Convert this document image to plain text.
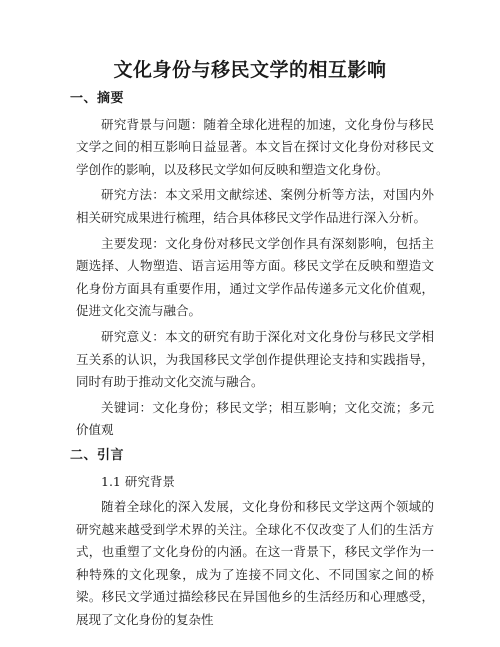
文化身份与移民文学的相互影响
一、摘要

研究背景与问题：随着全球化进程的加速，文化身份与移民文学之间的相互影响日益显著。本文旨在探讨文化身份对移民文学创作的影响，以及移民文学如何反映和塑造文化身份。

研究方法：本文采用文献综述、案例分析等方法，对国内外相关研究成果进行梳理，结合具体移民文学作品进行深入分析。

主要发现：文化身份对移民文学创作具有深刻影响，包括主题选择、人物塑造、语言运用等方面。移民文学在反映和塑造文化身份方面具有重要作用，通过文学作品传递多元文化价值观，促进文化交流与融合。

研究意义：本文的研究有助于深化对文化身份与移民文学相互关系的认识，为我国移民文学创作提供理论支持和实践指导，同时有助于推动文化交流与融合。

关键词：文化身份；移民文学；相互影响；文化交流；多元价值观

二、引言

1.1 研究背景

随着全球化的深入发展，文化身份和移民文学这两个领域的研究越来越受到学术界的关注。全球化不仅改变了人们的生活方式，也重塑了文化身份的内涵。在这一背景下，移民文学作为一种特殊的文化现象，成为了连接不同文化、不同国家之间的桥梁。移民文学通过描绘移民在异国他乡的生活经历和心理感受，展现了文化身份的复杂性
